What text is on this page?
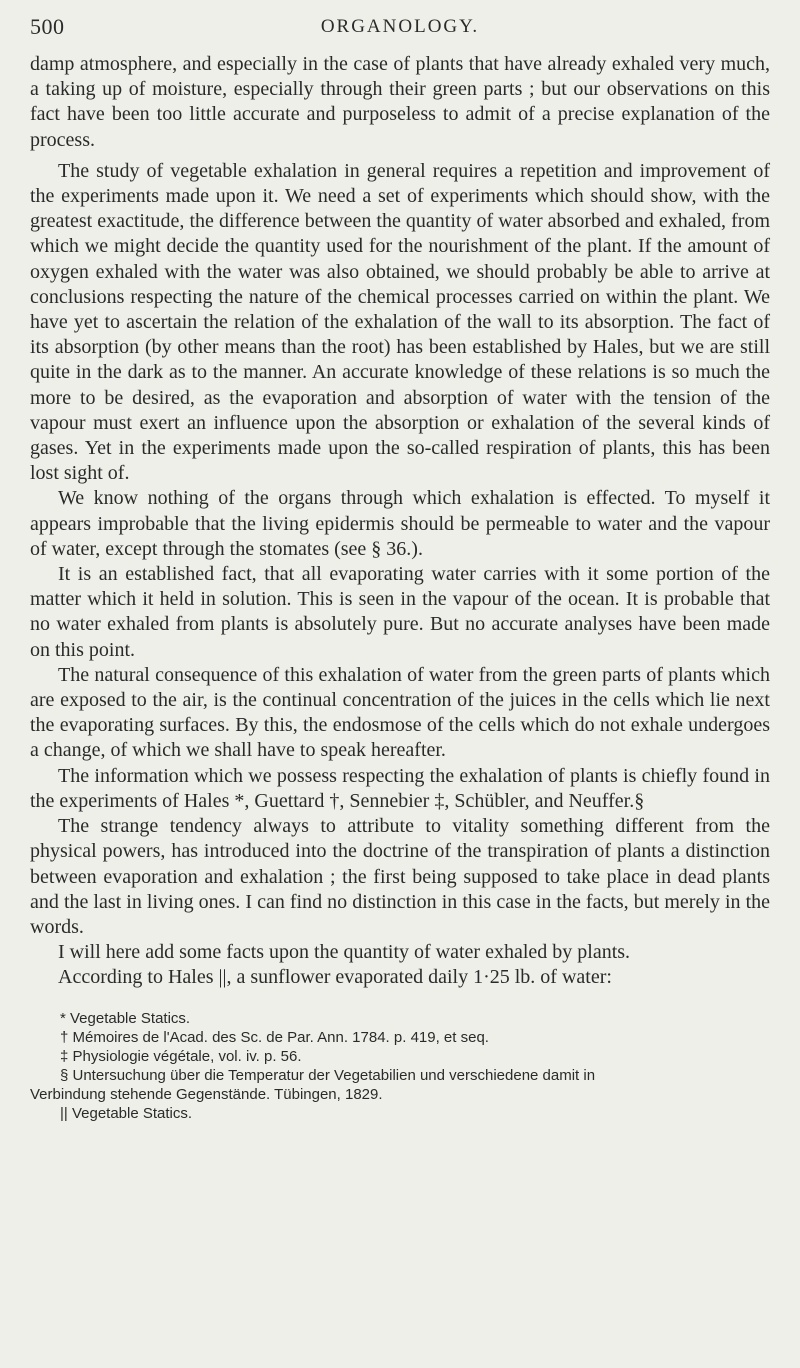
500	ORGANOLOGY.

damp atmosphere, and especially in the case of plants that have already exhaled very much, a taking up of moisture, especially through their green parts ; but our observations on this fact have been too little accurate and purposeless to admit of a precise explanation of the process.

The study of vegetable exhalation in general requires a repetition and improvement of the experiments made upon it. We need a set of experiments which should show, with the greatest exactitude, the difference between the quantity of water absorbed and exhaled, from which we might decide the quantity used for the nourishment of the plant. If the amount of oxygen exhaled with the water was also obtained, we should probably be able to arrive at conclusions respecting the nature of the chemical processes carried on within the plant. We have yet to ascertain the relation of the exhalation of the wall to its absorption. The fact of its absorption (by other means than the root) has been established by Hales, but we are still quite in the dark as to the manner. An accurate knowledge of these relations is so much the more to be desired, as the evaporation and absorption of water with the tension of the vapour must exert an influence upon the absorption or exhalation of the several kinds of gases. Yet in the experiments made upon the so-called respiration of plants, this has been lost sight of.

We know nothing of the organs through which exhalation is effected. To myself it appears improbable that the living epidermis should be permeable to water and the vapour of water, except through the stomates (see § 36.).

It is an established fact, that all evaporating water carries with it some portion of the matter which it held in solution. This is seen in the vapour of the ocean. It is probable that no water exhaled from plants is absolutely pure. But no accurate analyses have been made on this point.

The natural consequence of this exhalation of water from the green parts of plants which are exposed to the air, is the continual concentration of the juices in the cells which lie next the evaporating surfaces. By this, the endosmose of the cells which do not exhale undergoes a change, of which we shall have to speak hereafter.

The information which we possess respecting the exhalation of plants is chiefly found in the experiments of Hales *, Guettard †, Sennebier ‡, Schübler, and Neuffer.§

The strange tendency always to attribute to vitality something different from the physical powers, has introduced into the doctrine of the transpiration of plants a distinction between evaporation and exhalation ; the first being supposed to take place in dead plants and the last in living ones. I can find no distinction in this case in the facts, but merely in the words.

I will here add some facts upon the quantity of water exhaled by plants.

According to Hales ||, a sunflower evaporated daily 1·25 lb. of water:

* Vegetable Statics.

† Mémoires de l'Acad. des Sc. de Par. Ann. 1784. p. 419, et seq.

‡ Physiologie végétale, vol. iv. p. 56.

§ Untersuchung über die Temperatur der Vegetabilien und verschiedene damit in

Verbindung stehende Gegenstände. Tübingen, 1829.

|| Vegetable Statics.
